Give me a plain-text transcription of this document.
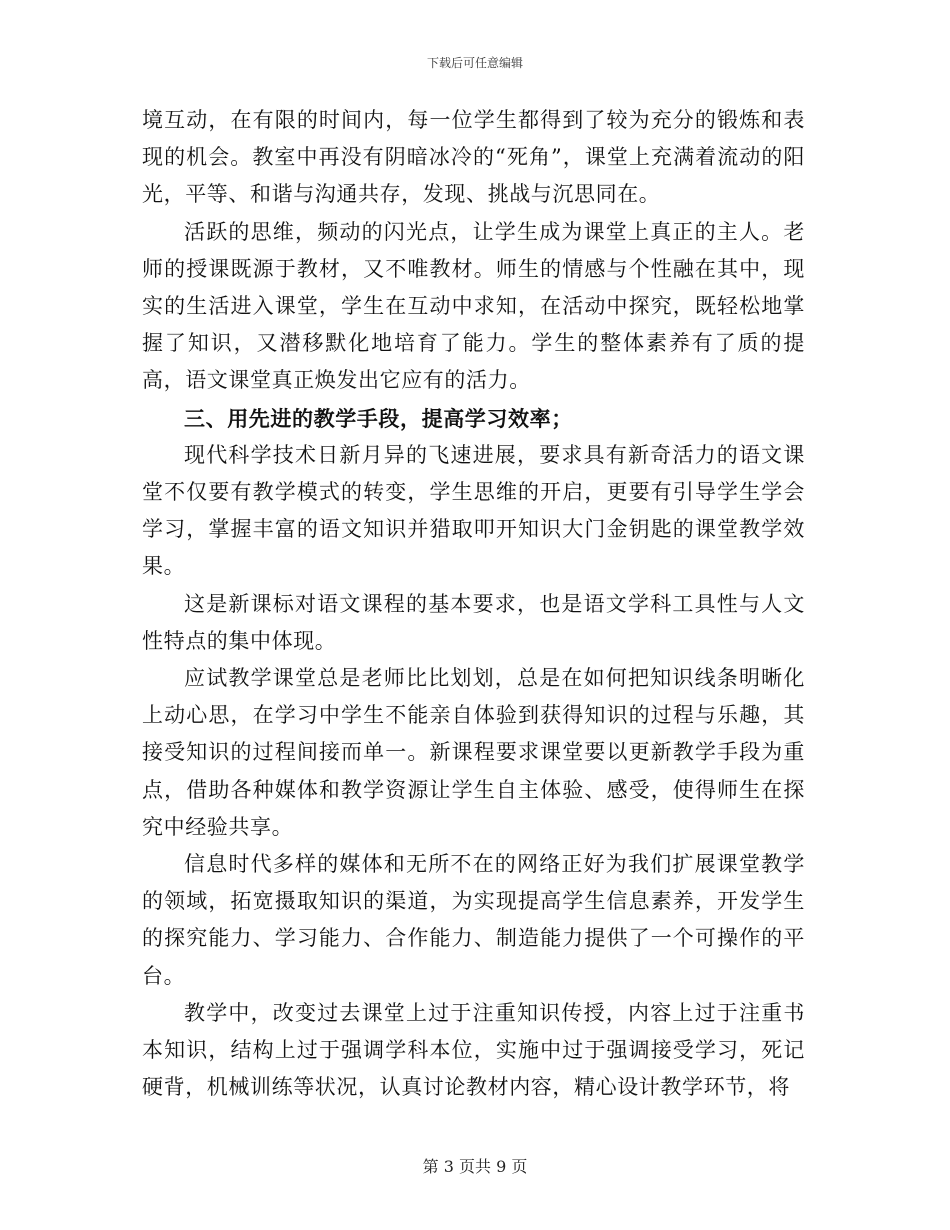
下载后可任意编辑

境互动，在有限的时间内，每一位学生都得到了较为充分的锻炼和表现的机会。教室中再没有阴暗冰冷的“死角”，课堂上充满着流动的阳光，平等、和谐与沟通共存，发现、挑战与沉思同在。

活跃的思维，频动的闪光点，让学生成为课堂上真正的主人。老师的授课既源于教材，又不唯教材。师生的情感与个性融在其中，现实的生活进入课堂，学生在互动中求知，在活动中探究，既轻松地掌握了知识，又潜移默化地培育了能力。学生的整体素养有了质的提高，语文课堂真正焕发出它应有的活力。

三、用先进的教学手段，提高学习效率；

现代科学技术日新月异的飞速进展，要求具有新奇活力的语文课堂不仅要有教学模式的转变，学生思维的开启，更要有引导学生学会学习，掌握丰富的语文知识并猎取叩开知识大门金钥匙的课堂教学效果。

这是新课标对语文课程的基本要求，也是语文学科工具性与人文性特点的集中体现。

应试教学课堂总是老师比比划划，总是在如何把知识线条明晰化上动心思，在学习中学生不能亲自体验到获得知识的过程与乐趣，其接受知识的过程间接而单一。新课程要求课堂要以更新教学手段为重点，借助各种媒体和教学资源让学生自主体验、感受，使得师生在探究中经验共享。

信息时代多样的媒体和无所不在的网络正好为我们扩展课堂教学的领域，拓宽摄取知识的渠道，为实现提高学生信息素养，开发学生的探究能力、学习能力、合作能力、制造能力提供了一个可操作的平台。

教学中，改变过去课堂上过于注重知识传授，内容上过于注重书本知识，结构上过于强调学科本位，实施中过于强调接受学习，死记硬背，机械训练等状况，认真讨论教材内容，精心设计教学环节，将

第 3 页共 9 页
